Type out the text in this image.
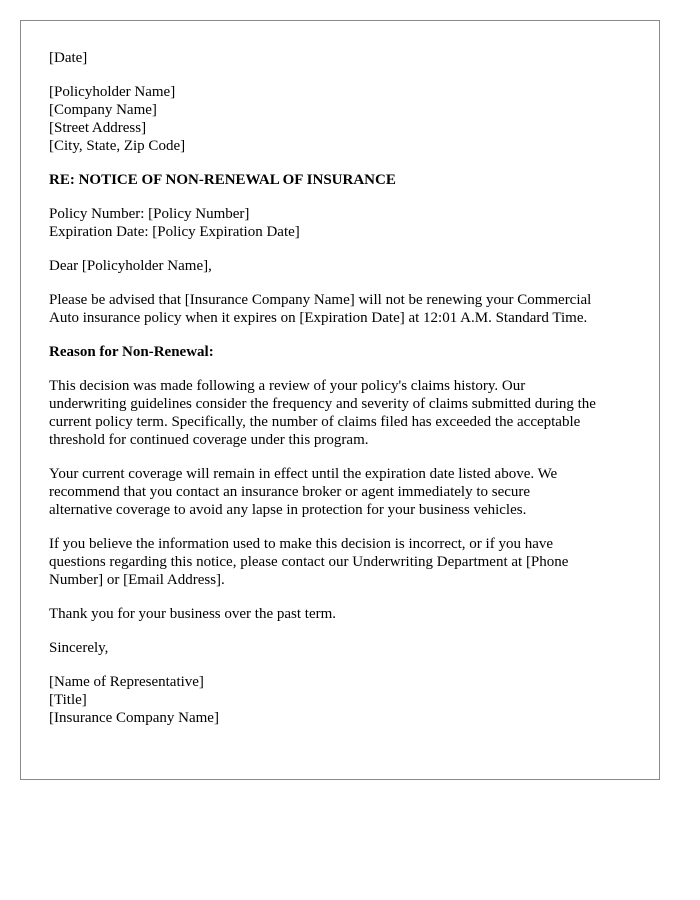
[Date]
[Policyholder Name]
[Company Name]
[Street Address]
[City, State, Zip Code]
RE: NOTICE OF NON-RENEWAL OF INSURANCE
Policy Number: [Policy Number]
Expiration Date: [Policy Expiration Date]
Dear [Policyholder Name],
Please be advised that [Insurance Company Name] will not be renewing your Commercial
Auto insurance policy when it expires on [Expiration Date] at 12:01 A.M. Standard Time.
Reason for Non-Renewal:
This decision was made following a review of your policy's claims history. Our
underwriting guidelines consider the frequency and severity of claims submitted during the
current policy term. Specifically, the number of claims filed has exceeded the acceptable
threshold for continued coverage under this program.
Your current coverage will remain in effect until the expiration date listed above. We
recommend that you contact an insurance broker or agent immediately to secure
alternative coverage to avoid any lapse in protection for your business vehicles.
If you believe the information used to make this decision is incorrect, or if you have
questions regarding this notice, please contact our Underwriting Department at [Phone
Number] or [Email Address].
Thank you for your business over the past term.
Sincerely,
[Name of Representative]
[Title]
[Insurance Company Name]
